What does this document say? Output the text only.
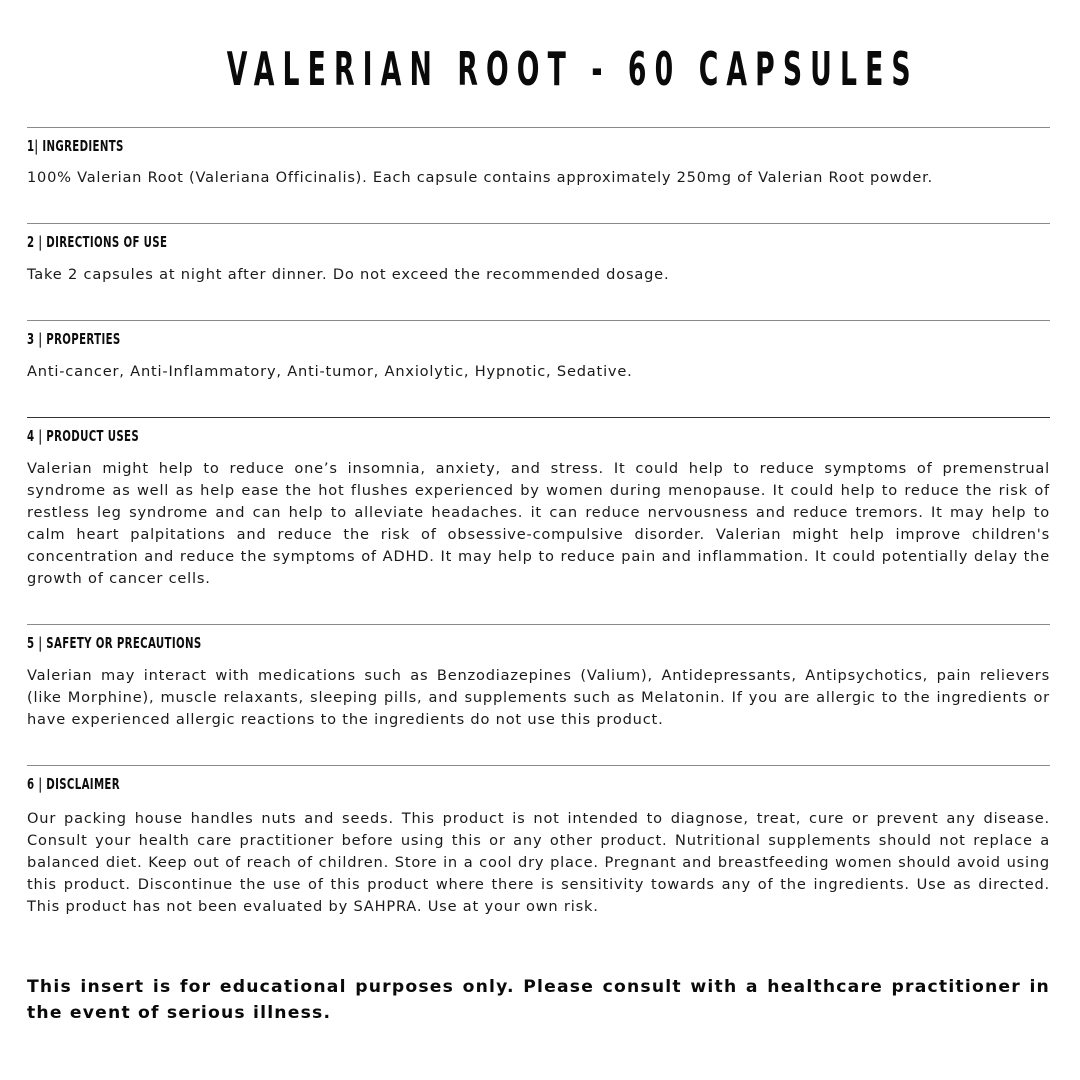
VALERIAN ROOT - 60 CAPSULES
1| INGREDIENTS

100% Valerian Root (Valeriana Officinalis). Each capsule contains approximately 250mg of Valerian Root powder.

2 | DIRECTIONS OF USE

Take 2 capsules at night after dinner. Do not exceed the recommended dosage.

3 | PROPERTIES

Anti-cancer, Anti-Inflammatory, Anti-tumor, Anxiolytic, Hypnotic, Sedative.

4 | PRODUCT USES

Valerian might help to reduce one’s insomnia, anxiety, and stress. It could help to reduce symptoms of premenstrual syndrome as well as help ease the hot flushes experienced by women during menopause. It could help to reduce the risk of restless leg syndrome and can help to alleviate headaches. it can reduce nervousness and reduce tremors. It may help to calm heart palpitations and reduce the risk of obsessive-compulsive disorder. Valerian might help improve children's concentration and reduce the symptoms of ADHD. It may help to reduce pain and inflammation. It could potentially delay the growth of cancer cells.

5 | SAFETY OR PRECAUTIONS

Valerian may interact with medications such as Benzodiazepines (Valium), Antidepressants, Antipsychotics, pain relievers (like Morphine), muscle relaxants, sleeping pills, and supplements such as Melatonin. If you are allergic to the ingredients or have experienced allergic reactions to the ingredients do not use this product.

6 | DISCLAIMER

Our packing house handles nuts and seeds. This product is not intended to diagnose, treat, cure or prevent any disease. Consult your health care practitioner before using this or any other product. Nutritional supplements should not replace a balanced diet. Keep out of reach of children. Store in a cool dry place. Pregnant and breastfeeding women should avoid using this product. Discontinue the use of this product where there is sensitivity towards any of the ingredients. Use as directed. This product has not been evaluated by SAHPRA. Use at your own risk.

This insert is for educational purposes only. Please consult with a healthcare practitioner in the event of serious illness.
